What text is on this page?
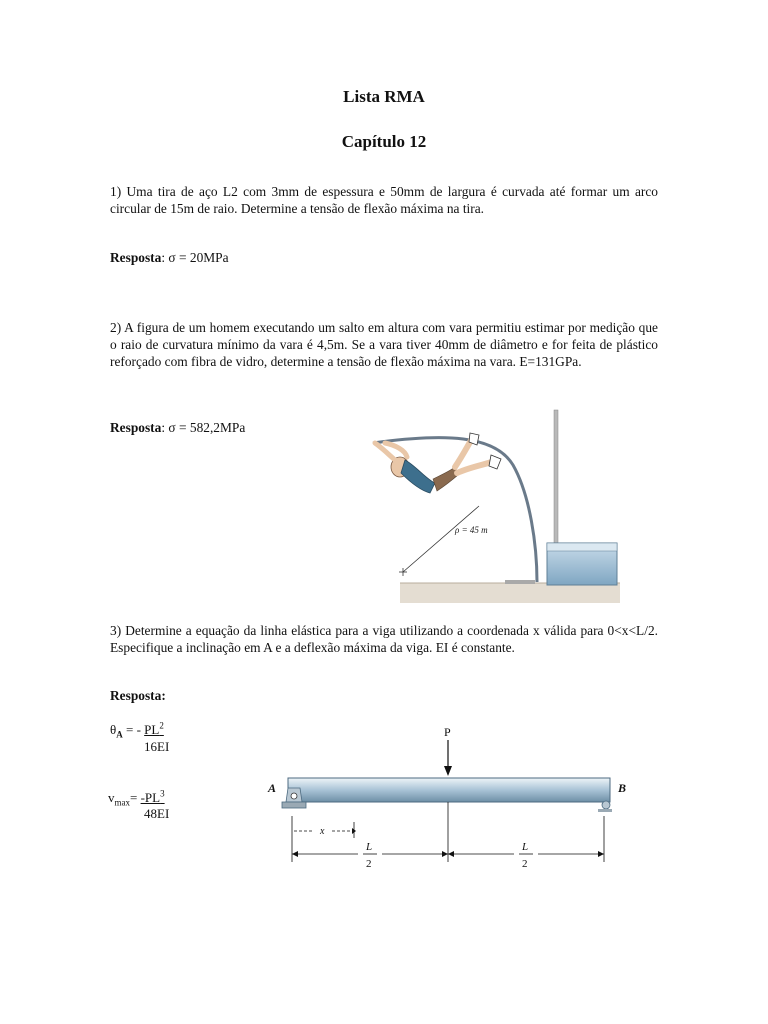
Lista RMA
Capítulo 12
1) Uma tira de aço L2 com 3mm de espessura e 50mm de largura é curvada até formar um arco circular de 15m de raio. Determine a tensão de flexão máxima na tira.
Resposta: σ = 20MPa
2) A figura de um homem executando um salto em altura com vara permitiu estimar por medição que o raio de curvatura mínimo da vara é 4,5m. Se a vara tiver 40mm de diâmetro e for feita de plástico reforçado com fibra de vidro, determine a tensão de flexão máxima na vara. E=131GPa.
Resposta: σ = 582,2MPa
ρ = 45 m
3) Determine a equação da linha elástica para a viga utilizando a coordenada x válida para 0<x<L/2. Especifique a inclinação em A e a deflexão máxima da viga. EI é constante.
Resposta:
$\theta_A$ = - $PL^2$
16EI
$v_{max}= -PL^3$
48EI
P
A	B
x
L
2
L
2
